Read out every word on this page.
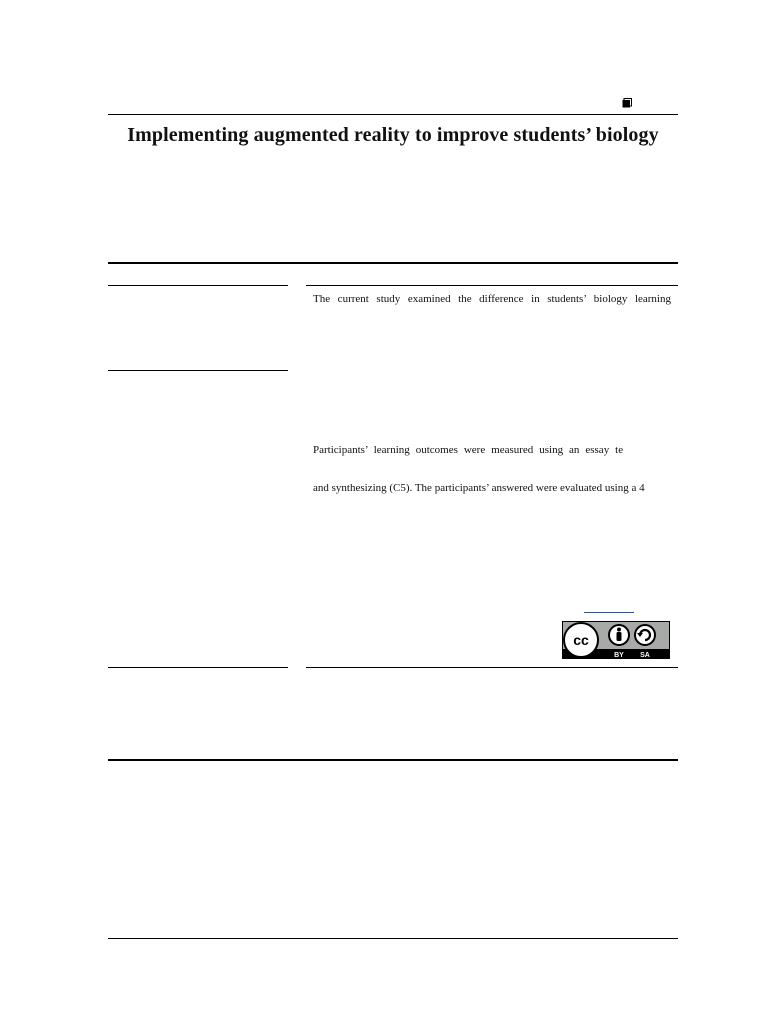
Implementing augmented reality to improve students’ biology
The current study examined the difference in students’ biology learning
Participants’ learning outcomes were measured using an essay te
and synthesizing (C5). The participants’ answered were evaluated using a 4
cc
BY SA
